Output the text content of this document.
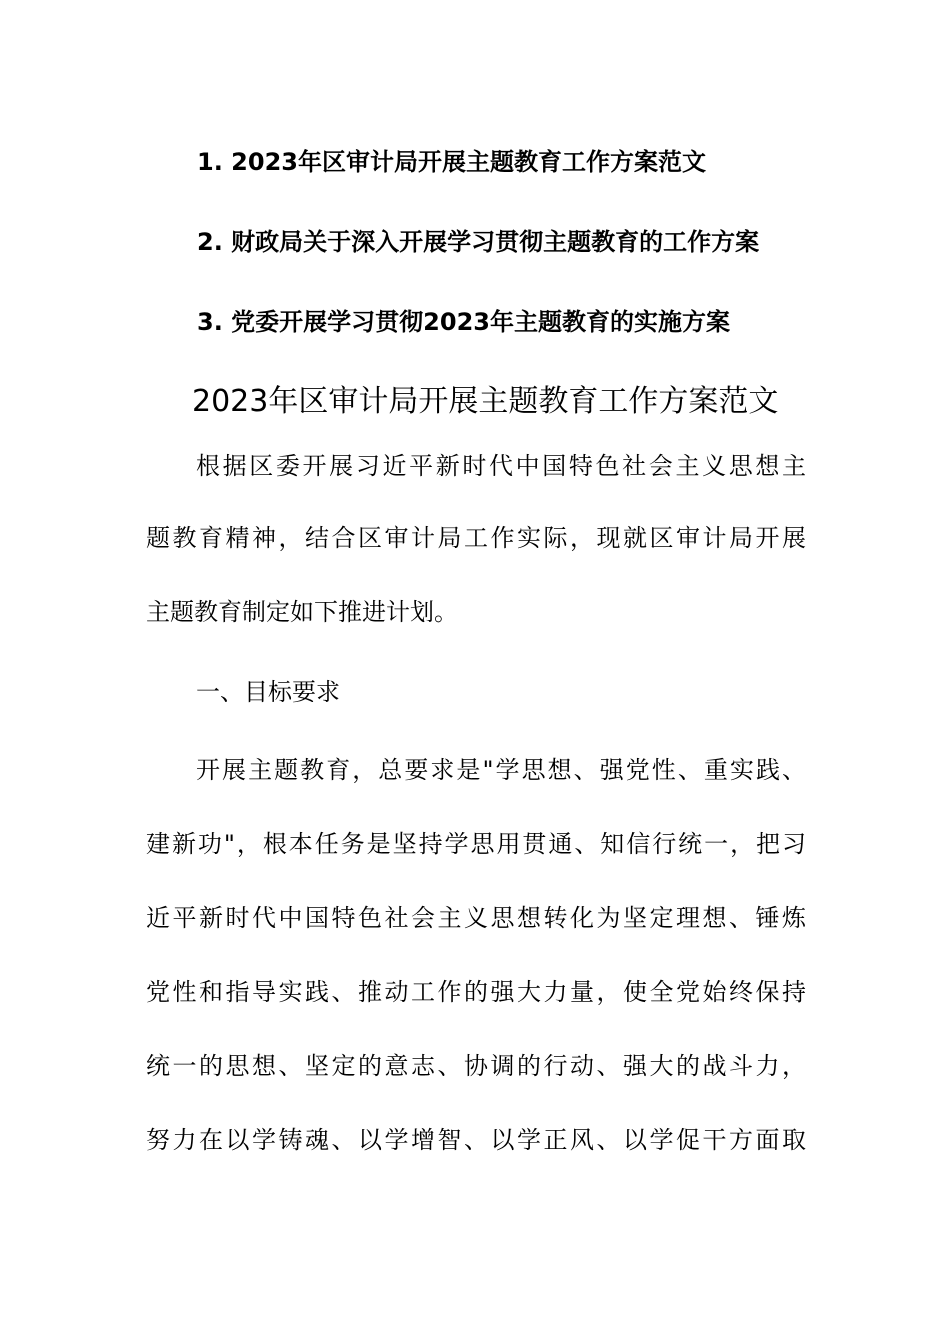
1. 2023年区审计局开展主题教育工作方案范文
2. 财政局关于深入开展学习贯彻主题教育的工作方案
3. 党委开展学习贯彻2023年主题教育的实施方案
2023年区审计局开展主题教育工作方案范文
根据区委开展习近平新时代中国特色社会主义思想主
题教育精神，结合区审计局工作实际，现就区审计局开展
主题教育制定如下推进计划。
一、目标要求
开展主题教育，总要求是"学思想、强党性、重实践、
建新功"，根本任务是坚持学思用贯通、知信行统一，把习
近平新时代中国特色社会主义思想转化为坚定理想、锤炼
党性和指导实践、推动工作的强大力量，使全党始终保持
统一的思想、坚定的意志、协调的行动、强大的战斗力，
努力在以学铸魂、以学增智、以学正风、以学促干方面取
